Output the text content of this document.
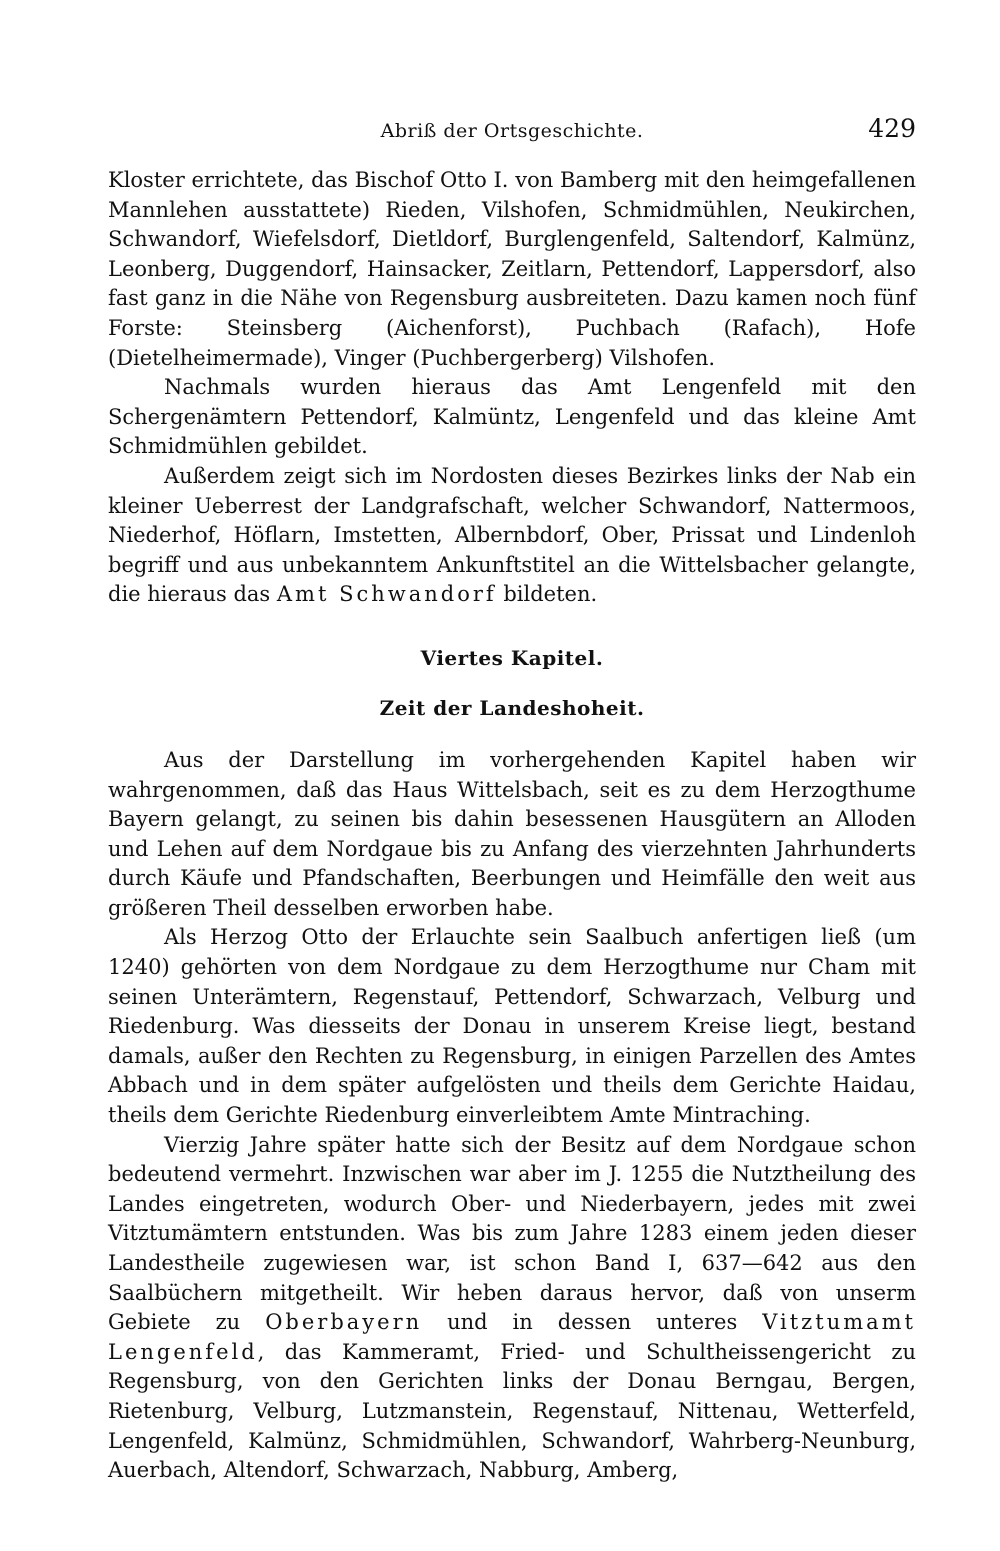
Abriß der Ortsgeschichte.	429

Kloster errichtete, das Bischof Otto I. von Bamberg mit den heimgefallenen Mannlehen ausstattete) Rieden, Vilshofen, Schmidmühlen, Neukirchen, Schwandorf, Wiefelsdorf, Dietldorf, Burglengenfeld, Saltendorf, Kalmünz, Leonberg, Duggendorf, Hainsacker, Zeitlarn, Pettendorf, Lappersdorf, also fast ganz in die Nähe von Regensburg ausbreiteten. Dazu kamen noch fünf Forste: Steinsberg (Aichenforst), Puchbach (Rafach), Hofe (Dietelheimermade), Vinger (Puchbergerberg) Vilshofen.

Nachmals wurden hieraus das Amt Lengenfeld mit den Schergenämtern Pettendorf, Kalmüntz, Lengenfeld und das kleine Amt Schmidmühlen gebildet.

Außerdem zeigt sich im Nordosten dieses Bezirkes links der Nab ein kleiner Ueberrest der Landgrafschaft, welcher Schwandorf, Nattermoos, Niederhof, Höflarn, Imstetten, Albernbdorf, Ober, Prissat und Lindenloh begriff und aus unbekanntem Ankunftstitel an die Wittelsbacher gelangte, die hieraus das Amt Schwandorf bildeten.

Viertes Kapitel.
Zeit der Landeshoheit.

Aus der Darstellung im vorhergehenden Kapitel haben wir wahrgenommen, daß das Haus Wittelsbach, seit es zu dem Herzogthume Bayern gelangt, zu seinen bis dahin besessenen Hausgütern an Alloden und Lehen auf dem Nordgaue bis zu Anfang des vierzehnten Jahrhunderts durch Käufe und Pfandschaften, Beerbungen und Heimfälle den weit aus größeren Theil desselben erworben habe.

Als Herzog Otto der Erlauchte sein Saalbuch anfertigen ließ (um 1240) gehörten von dem Nordgaue zu dem Herzogthume nur Cham mit seinen Unterämtern, Regenstauf, Pettendorf, Schwarzach, Velburg und Riedenburg. Was diesseits der Donau in unserem Kreise liegt, bestand damals, außer den Rechten zu Regensburg, in einigen Parzellen des Amtes Abbach und in dem später aufgelösten und theils dem Gerichte Haidau, theils dem Gerichte Riedenburg einverleibtem Amte Mintraching.

Vierzig Jahre später hatte sich der Besitz auf dem Nordgaue schon bedeutend vermehrt. Inzwischen war aber im J. 1255 die Nutztheilung des Landes eingetreten, wodurch Ober- und Niederbayern, jedes mit zwei Vitztumämtern entstunden. Was bis zum Jahre 1283 einem jeden dieser Landestheile zugewiesen war, ist schon Band I, 637—642 aus den Saalbüchern mitgetheilt. Wir heben daraus hervor, daß von unserm Gebiete zu Oberbayern und in dessen unteres Vitztumamt Lengenfeld, das Kammeramt, Fried- und Schultheissengericht zu Regensburg, von den Gerichten links der Donau Berngau, Bergen, Rietenburg, Velburg, Lutzmanstein, Regenstauf, Nittenau, Wetterfeld, Lengenfeld, Kalmünz, Schmidmühlen, Schwandorf, Wahrberg-Neunburg, Auerbach, Altendorf, Schwarzach, Nabburg, Amberg,
